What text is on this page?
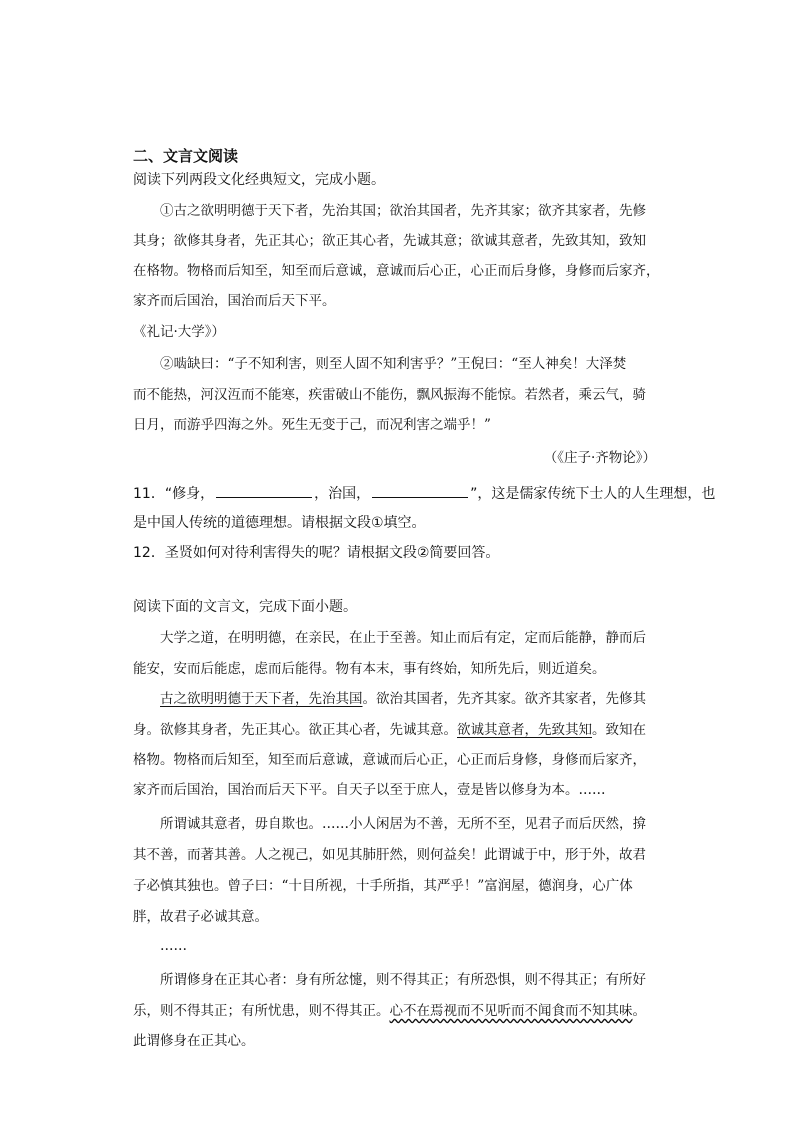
二、文言文阅读
阅读下列两段文化经典短文，完成小题。
①古之欲明明德于天下者，先治其国；欲治其国者，先齐其家；欲齐其家者，先修
其身；欲修其身者，先正其心；欲正其心者，先诚其意；欲诚其意者，先致其知，致知
在格物。物格而后知至，知至而后意诚，意诚而后心正，心正而后身修，身修而后家齐，
家齐而后国治，国治而后天下平。
《礼记·大学》）
②啮缺曰：“子不知利害，则至人固不知利害乎？”王倪曰：“至人神矣！大泽焚
而不能热，河汉沍而不能寒，疾雷破山不能伤，飘风振海不能惊。若然者，乘云气，骑
日月，而游乎四海之外。死生无变于己，而况利害之端乎！”
（《庄子·齐物论》）
11．“修身，	，治国，	”，这是儒家传统下士人的人生理想，也
是中国人传统的道德理想。请根据文段①填空。
12．圣贤如何对待利害得失的呢？请根据文段②简要回答。
阅读下面的文言文，完成下面小题。
大学之道，在明明德，在亲民，在止于至善。知止而后有定，定而后能静，静而后
能安，安而后能虑，虑而后能得。物有本末，事有终始，知所先后，则近道矣。
古之欲明明德于天下者，先治其国。欲治其国者，先齐其家。欲齐其家者，先修其
身。欲修其身者，先正其心。欲正其心者，先诚其意。欲诚其意者，先致其知。致知在
格物。物格而后知至，知至而后意诚，意诚而后心正，心正而后身修，身修而后家齐，
家齐而后国治，国治而后天下平。自天子以至于庶人，壹是皆以修身为本。……
所谓诚其意者，毋自欺也。……小人闲居为不善，无所不至，见君子而后厌然，揜
其不善，而著其善。人之视己，如见其肺肝然，则何益矣！此谓诚于中，形于外，故君
子必慎其独也。曾子曰：“十目所视，十手所指，其严乎！”富润屋，德润身，心广体
胖，故君子必诚其意。
……
所谓修身在正其心者：身有所忿懥，则不得其正；有所恐惧，则不得其正；有所好
乐，则不得其正；有所忧患，则不得其正。心不在焉视而不见听而不闻食而不知其味。
此谓修身在正其心。
